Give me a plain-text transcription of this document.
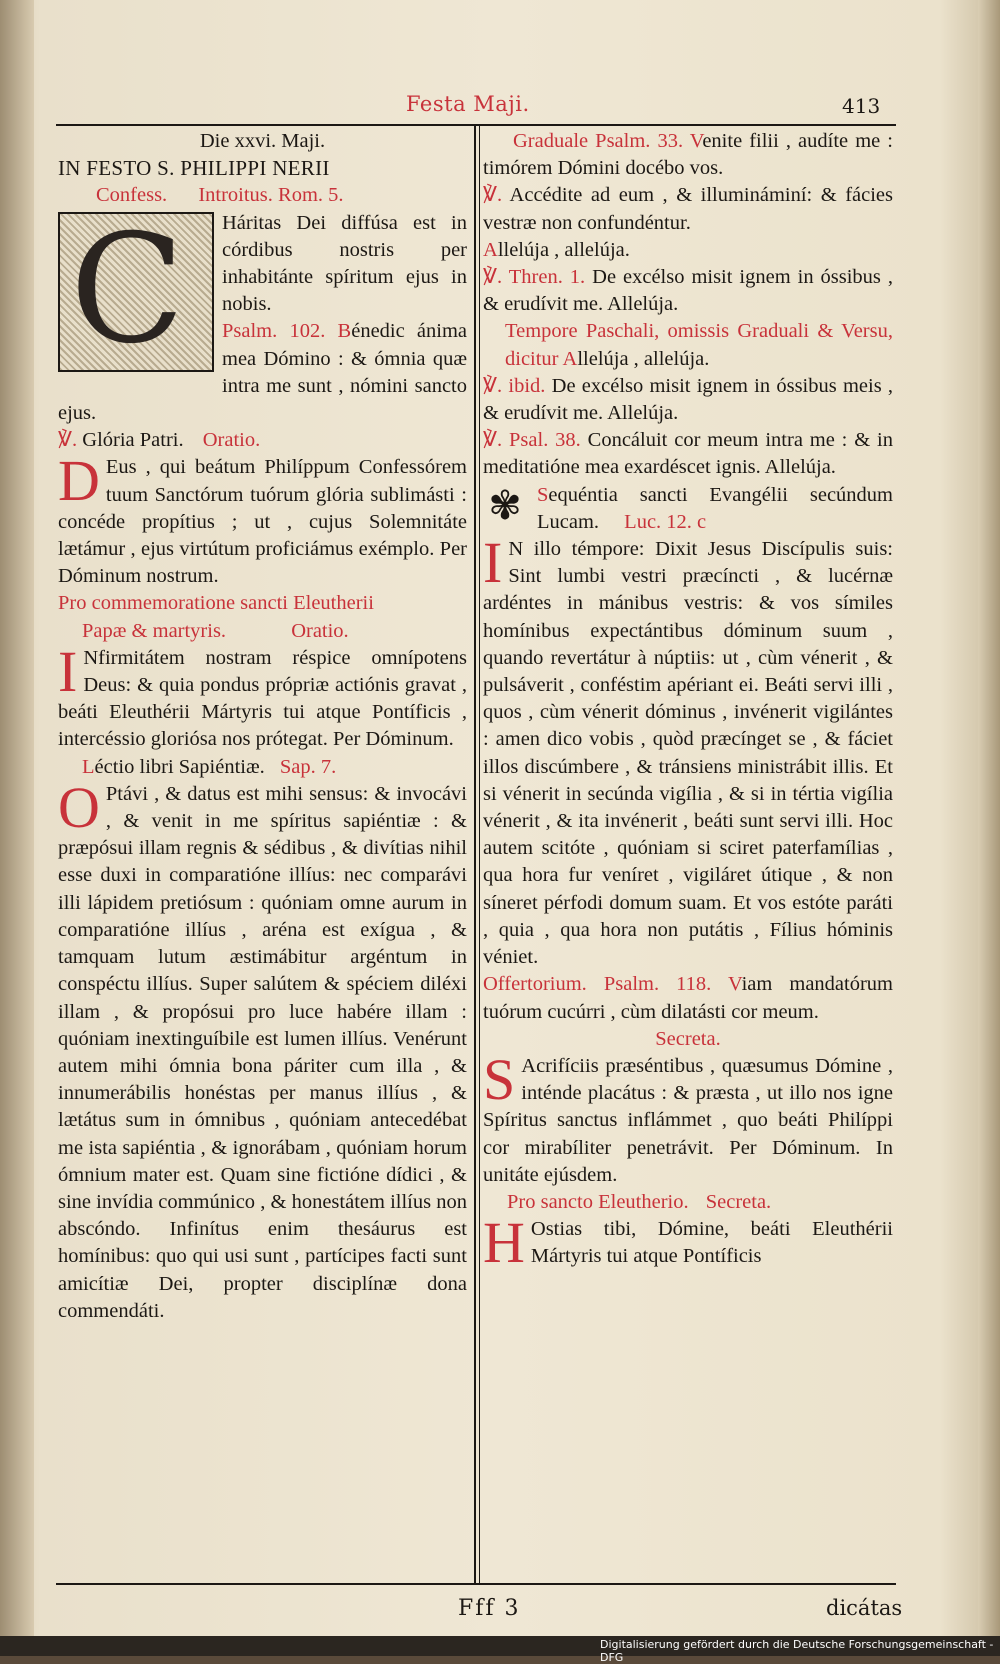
Festa Maji.	413

Die xxvi. Maji.

IN FESTO S. PHILIPPI NERII

Confess. Introitus. Rom. 5.

C	Háritas Dei diffúsa est in córdibus nostris per inhabitánte spíritum ejus in nobis.

Psalm. 102. Bénedic ánima mea Dómino : & ómnia quæ intra me sunt , nómini sancto ejus.

℣. Glória Patri. Oratio.

D Eus , qui beátum Philíppum Confessórem tuum Sanctórum tuórum glória sublimásti : concéde propítius ; ut , cujus Solemnitáte lætámur , ejus virtútum proficiámus exémplo. Per Dóminum nostrum.

Pro commemoratione sancti Eleutherii

Papæ & martyris.	Oratio.

I Nfirmitátem nostram réspice omnípotens Deus: & quia pondus própriæ actiónis gravat , beáti Eleuthérii Mártyris tui atque Pontíficis , intercéssio gloriósa nos prótegat. Per Dóminum.

Léctio libri Sapiéntiæ. Sap. 7.

O Ptávi , & datus est mihi sensus: & invocávi , & venit in me spíritus sapiéntiæ : & præpósui illam regnis & sédibus , & divítias nihil esse duxi in comparatióne illíus: nec comparávi illi lápidem pretiósum : quóniam omne aurum in comparatióne illíus , aréna est exígua , & tamquam lutum æstimábitur argéntum in conspéctu illíus. Super salútem & spéciem diléxi illam , & propósui pro luce habére illam : quóniam inextinguíbile est lumen illíus. Venérunt autem mihi ómnia bona páriter cum illa , & innumerábilis honéstas per manus illíus , & lætátus sum in ómnibus , quóniam antecedébat me ista sapiéntia , & ignorábam , quóniam horum ómnium mater est. Quam sine fictióne dídici , & sine invídia commúnico , & honestátem illíus non abscóndo. Infinítus enim thesáurus est homínibus: quo qui usi sunt , partícipes facti sunt amicítiæ Dei, propter disciplínæ dona commendáti.

Graduale Psalm. 33. Venite filii , audíte me : timórem Dómini docébo vos.

℣. Accédite ad eum , & illumináminí: & fácies vestræ non confundéntur.

Allelúja , allelúja.

℣. Thren. 1. De excélso misit ignem in óssibus , & erudívit me. Allelúja.

Tempore Paschali, omissis Graduali & Versu, dicitur Allelúja , allelúja.

℣. ibid. De excélso misit ignem in óssibus meis , & erudívit me. Allelúja.

℣. Psal. 38. Concáluit cor meum intra me : & in meditatióne mea exardéscet ignis. Allelúja.

✾ Sequéntia sancti Evangélii secúndum Lucam. Luc. 12. c

I N illo témpore: Dixit Jesus Discípulis suis: Sint lumbi vestri præcíncti , & lucérnæ ardéntes in mánibus vestris: & vos símiles homínibus expectántibus dóminum suum , quando revertátur à núptiis: ut , cùm vénerit , & pulsáverit , conféstim apériant ei. Beáti servi illi , quos , cùm vénerit dóminus , invénerit vigilántes : amen dico vobis , quòd præcínget se , & fáciet illos discúmbere , & tránsiens ministrábit illis. Et si vénerit in secúnda vigília , & si in tértia vigília vénerit , & ita invénerit , beáti sunt servi illi. Hoc autem scitóte , quóniam si sciret paterfamílias , qua hora fur veníret , vigiláret útique , & non síneret pérfodi domum suam. Et vos estóte paráti , quia , qua hora non putátis , Fílius hóminis véniet.

Offertorium. Psalm. 118. Viam mandatórum tuórum cucúrri , cùm dilatásti cor meum.

Secreta.

S Acrifíciis præséntibus , quæsumus Dómine , inténde placátus : & præsta , ut illo nos igne Spíritus sanctus inflámmet , quo beáti Philíppi cor mirabíliter penetrávit. Per Dóminum. In unitáte ejúsdem.

Pro sancto Eleutherio. Secreta.

H Ostias tibi, Dómine, beáti Eleuthérii Mártyris tui atque Pontíficis

Fff 3	dicátas
Digitalisierung gefördert durch die Deutsche Forschungsgemeinschaft - DFG
